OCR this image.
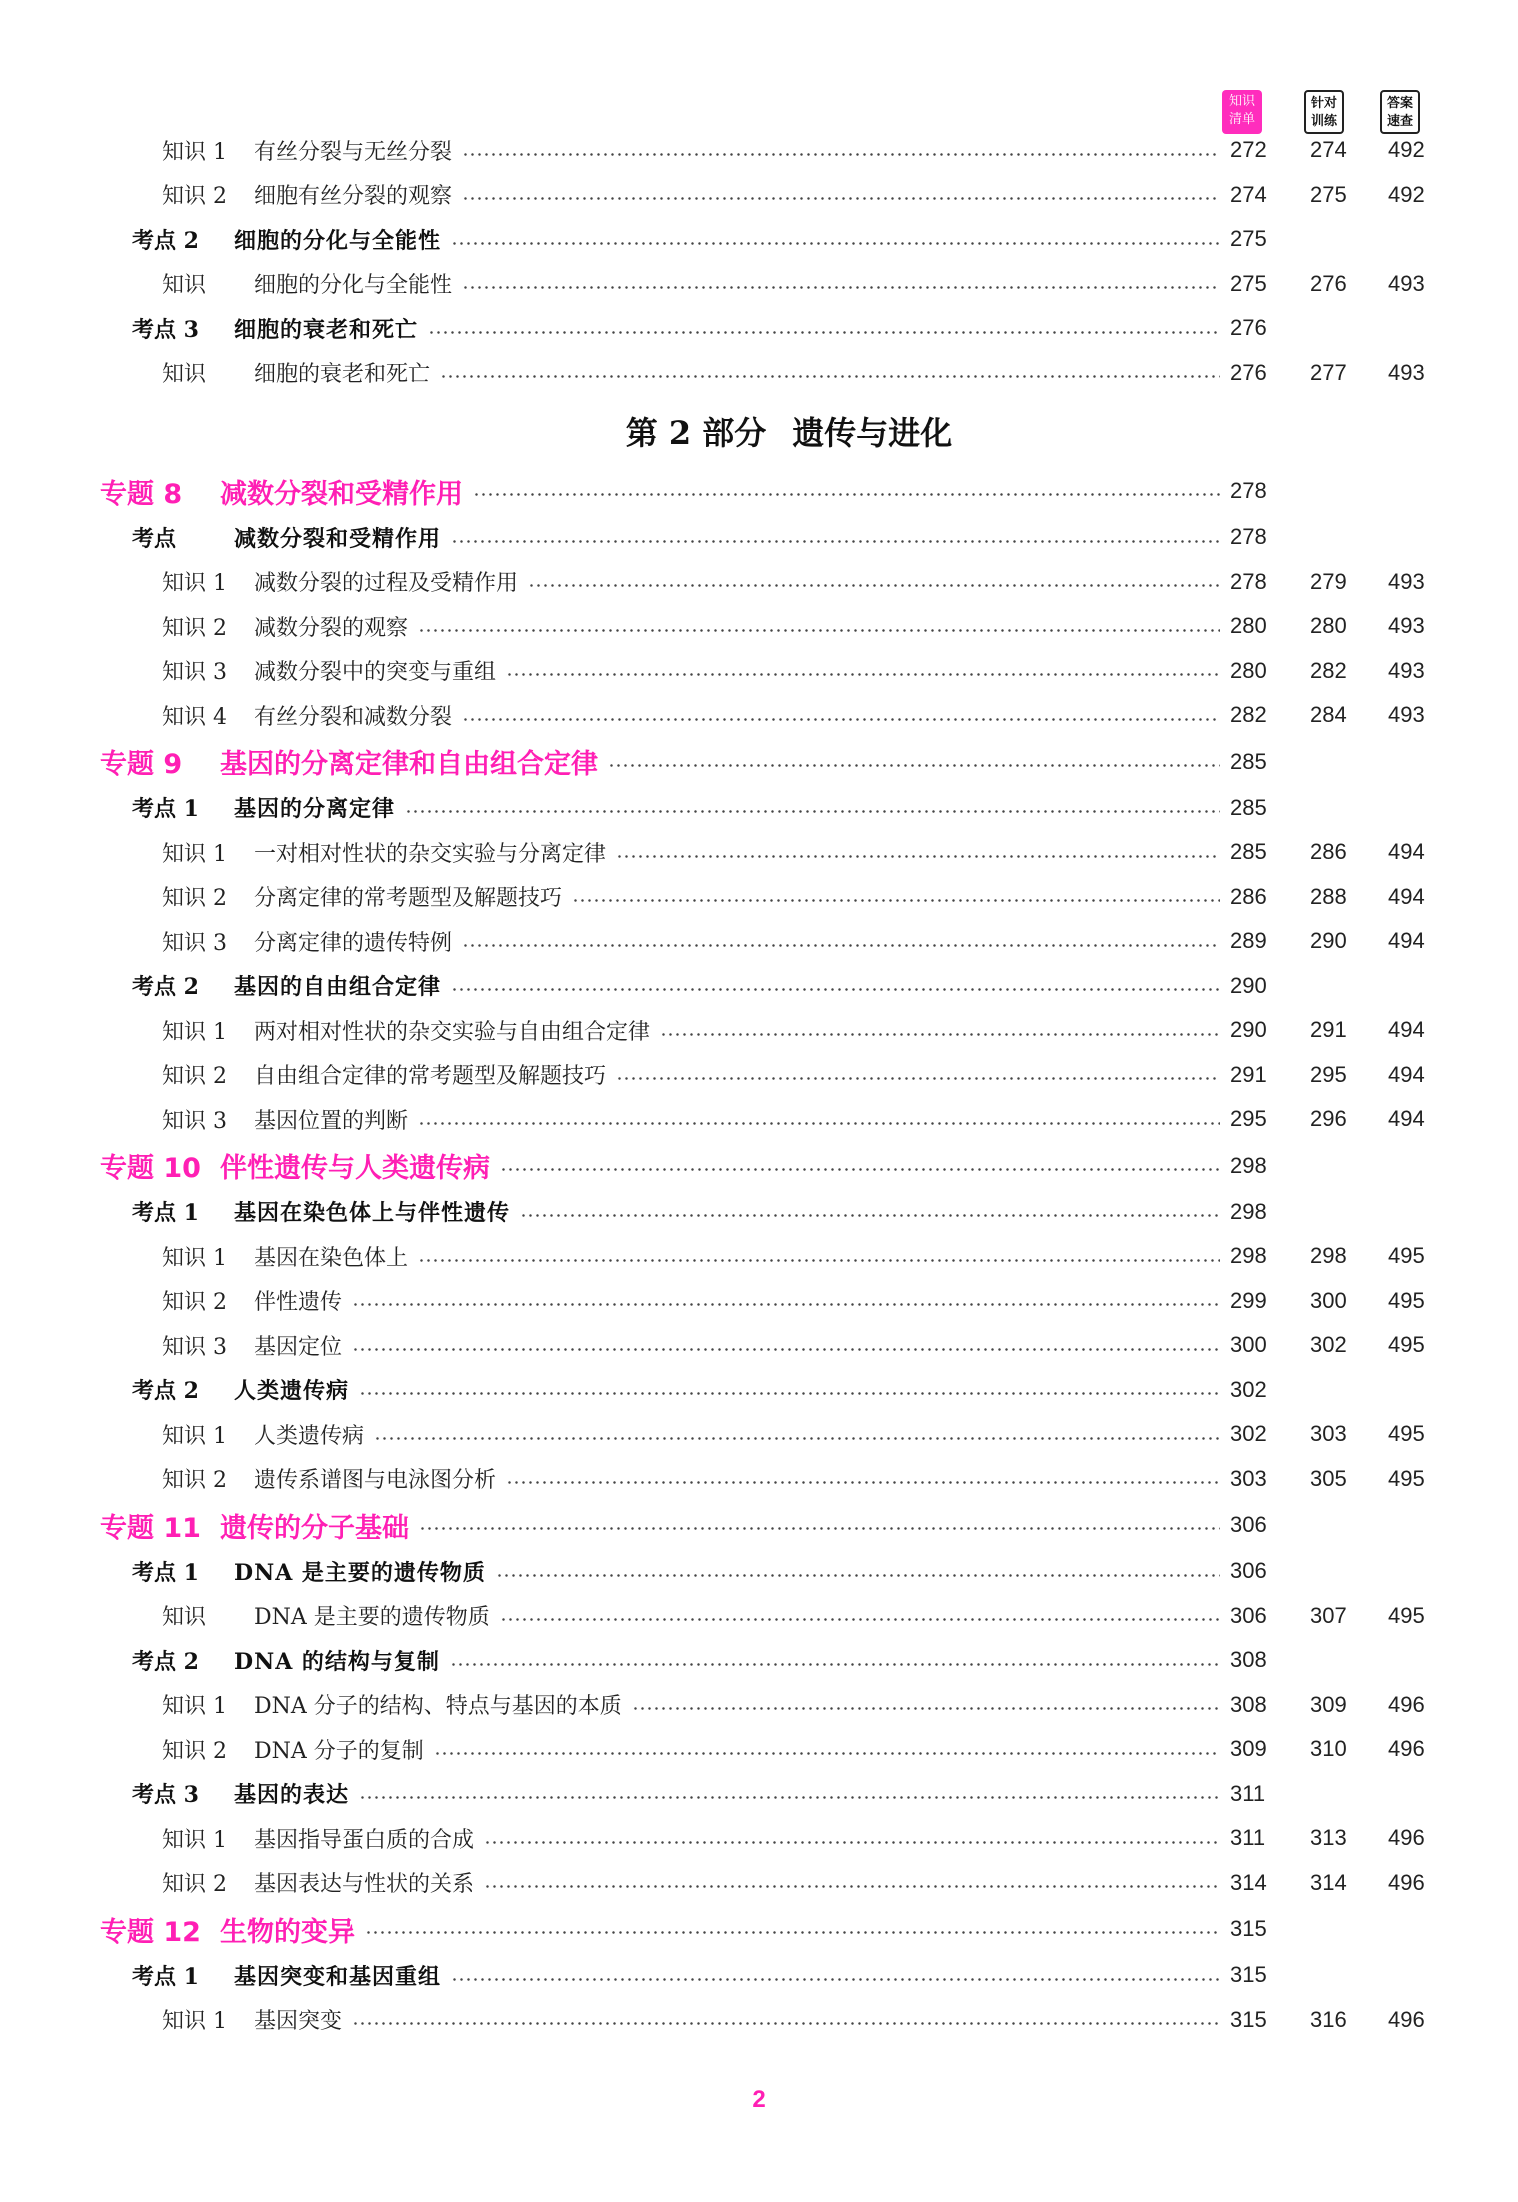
知识
清单
针对
训练
答案
速查
知识 1	有丝分裂与无丝分裂	272 274 492
知识 2	细胞有丝分裂的观察	274 275 492
考点 2	细胞的分化与全能性	275
知识	细胞的分化与全能性	275 276 493
考点 3	细胞的衰老和死亡	276
知识	细胞的衰老和死亡	276 277 493
第 2 部分 遗传与进化
专题 8	减数分裂和受精作用	278
考点	减数分裂和受精作用	278
知识 1	减数分裂的过程及受精作用	278 279 493
知识 2	减数分裂的观察	280 280 493
知识 3	减数分裂中的突变与重组	280 282 493
知识 4	有丝分裂和减数分裂	282 284 493
专题 9	基因的分离定律和自由组合定律	285
考点 1	基因的分离定律	285
知识 1	一对相对性状的杂交实验与分离定律	285 286 494
知识 2	分离定律的常考题型及解题技巧	286 288 494
知识 3	分离定律的遗传特例	289 290 494
考点 2	基因的自由组合定律	290
知识 1	两对相对性状的杂交实验与自由组合定律	290 291 494
知识 2	自由组合定律的常考题型及解题技巧	291 295 494
知识 3	基因位置的判断	295 296 494
专题 10 伴性遗传与人类遗传病	298
考点 1	基因在染色体上与伴性遗传	298
知识 1	基因在染色体上	298 298 495
知识 2	伴性遗传	299 300 495
知识 3	基因定位	300 302 495
考点 2	人类遗传病	302
知识 1	人类遗传病	302 303 495
知识 2	遗传系谱图与电泳图分析	303 305 495
专题 11 遗传的分子基础	306
考点 1	DNA 是主要的遗传物质	306
知识	DNA 是主要的遗传物质	306 307 495
考点 2	DNA 的结构与复制	308
知识 1	DNA 分子的结构、特点与基因的本质	308 309 496
知识 2	DNA 分子的复制	309 310 496
考点 3	基因的表达	311
知识 1	基因指导蛋白质的合成	311 313 496
知识 2	基因表达与性状的关系	314 314 496
专题 12 生物的变异	315
考点 1	基因突变和基因重组	315
知识 1	基因突变	315 316 496
2
